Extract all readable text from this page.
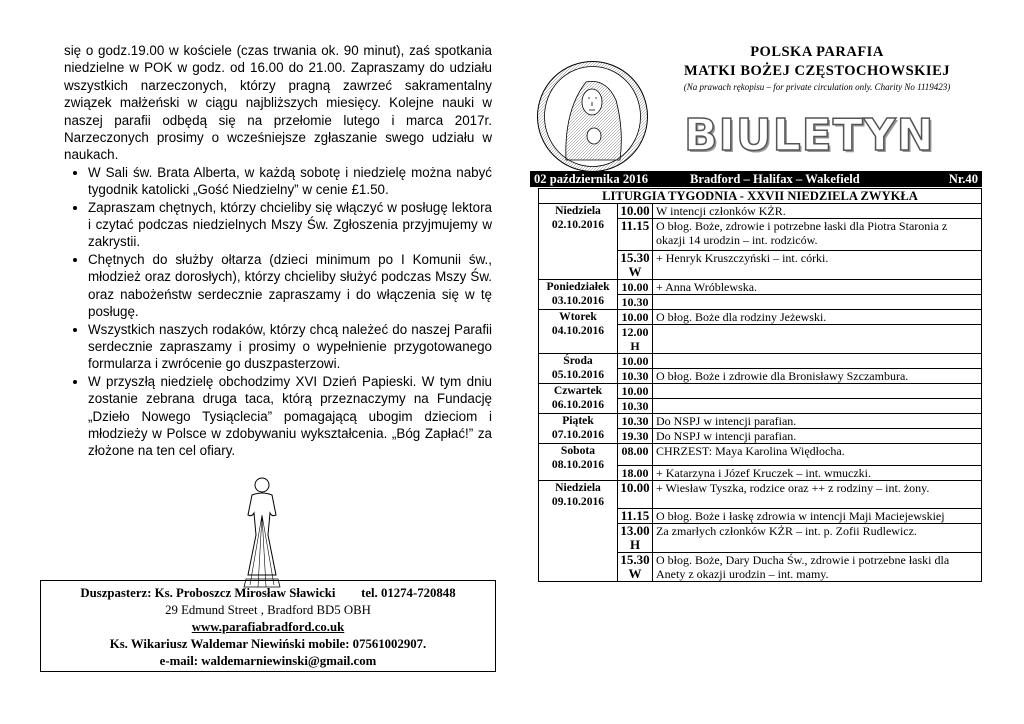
się o godz.19.00 w kościele (czas trwania ok. 90 minut), zaś spotkania niedzielne w POK w godz. od 16.00 do 21.00. Zapraszamy do udziału wszystkich narzeczonych, którzy pragną zawrzeć sakramentalny związek małżeński w ciągu najbliższych miesięcy. Kolejne nauki w naszej parafii odbędą się na przełomie lutego i marca 2017r. Narzeczonych prosimy o wcześniejsze zgłaszanie swego udziału w naukach.

• W Sali św. Brata Alberta, w każdą sobotę i niedzielę można nabyć tygodnik katolicki „Gość Niedzielny” w cenie £1.50.
• Zapraszam chętnych, którzy chcieliby się włączyć w posługę lektora i czytać podczas niedzielnych Mszy Św. Zgłoszenia przyjmujemy w zakrystii.
• Chętnych do służby ołtarza (dzieci minimum po I Komunii św., młodzież oraz dorosłych), którzy chcieliby służyć podczas Mszy Św. oraz nabożeństw serdecznie zapraszamy i do włączenia się w tę posługę.
• Wszystkich naszych rodaków, którzy chcą należeć do naszej Parafii serdecznie zapraszamy i prosimy o wypełnienie przygotowanego formularza i zwrócenie go duszpasterzowi.
• W przyszłą niedzielę obchodzimy XVI Dzień Papieski. W tym dniu zostanie zebrana druga taca, którą przeznaczymy na Fundację „Dzieło Nowego Tysiąclecia” pomagającą ubogim dzieciom i młodzieży w Polsce w zdobywaniu wykształcenia. „Bóg Zapłać!” za złożone na ten cel ofiary.
Duszpasterz: Ks. Proboszcz Mirosław Sławicki tel. 01274-720848
29 Edmund Street , Bradford BD5 OBH
www.parafiabradford.co.uk
Ks. Wikariusz Waldemar Niewiński mobile: 07561002907.
e-mail: waldemarniewinski@gmail.com
POLSKA PARAFIA
MATKI BOŻEJ CZĘSTOCHOWSKIEJ
(Na prawach rękopisu – for private circulation only. Charity No 1119423)
BIULETYN
02 października 2016	Bradford – Halifax – Wakefield	Nr.40
LITURGIA TYGODNIA - XXVII NIEDZIELA ZWYKŁA		

Niedziela
02.10.2016	10.00	W intencji członków KŻR.
	11.15	O błog. Boże, zdrowie i potrzebne łaski dla Piotra Staronia z okazji 14 urodzin – int. rodziców.
	15.30
W	+ Henryk Kruszczyński – int. córki.

Poniedziałek
03.10.2016	10.00	+ Anna Wróblewska.
	10.30	

Wtorek
04.10.2016	10.00	O błog. Boże dla rodziny Jeżewski.
	12.00
H	

Środa
05.10.2016	10.00	
	10.30	O błog. Boże i zdrowie dla Bronisławy Szczambura.

Czwartek
06.10.2016	10.00	
	10.30	

Piątek
07.10.2016	10.30	Do NSPJ w intencji parafian.
	19.30	Do NSPJ w intencji parafian.

Sobota
08.10.2016	08.00	CHRZEST: Maya Karolina Więdłocha.
	18.00	+ Katarzyna i Józef Kruczek – int. wmuczki.

Niedziela
09.10.2016	10.00	+ Wiesław Tyszka, rodzice oraz ++ z rodziny – int. żony.
	11.15	O błog. Boże i łaskę zdrowia w intencji Maji Maciejewskiej
	13.00
H	Za zmarłych członków KŻR – int. p. Zofii Rudlewicz.
	15.30
W	O błog. Boże, Dary Ducha Św., zdrowie i potrzebne łaski dla Anety z okazji urodzin – int. mamy.
